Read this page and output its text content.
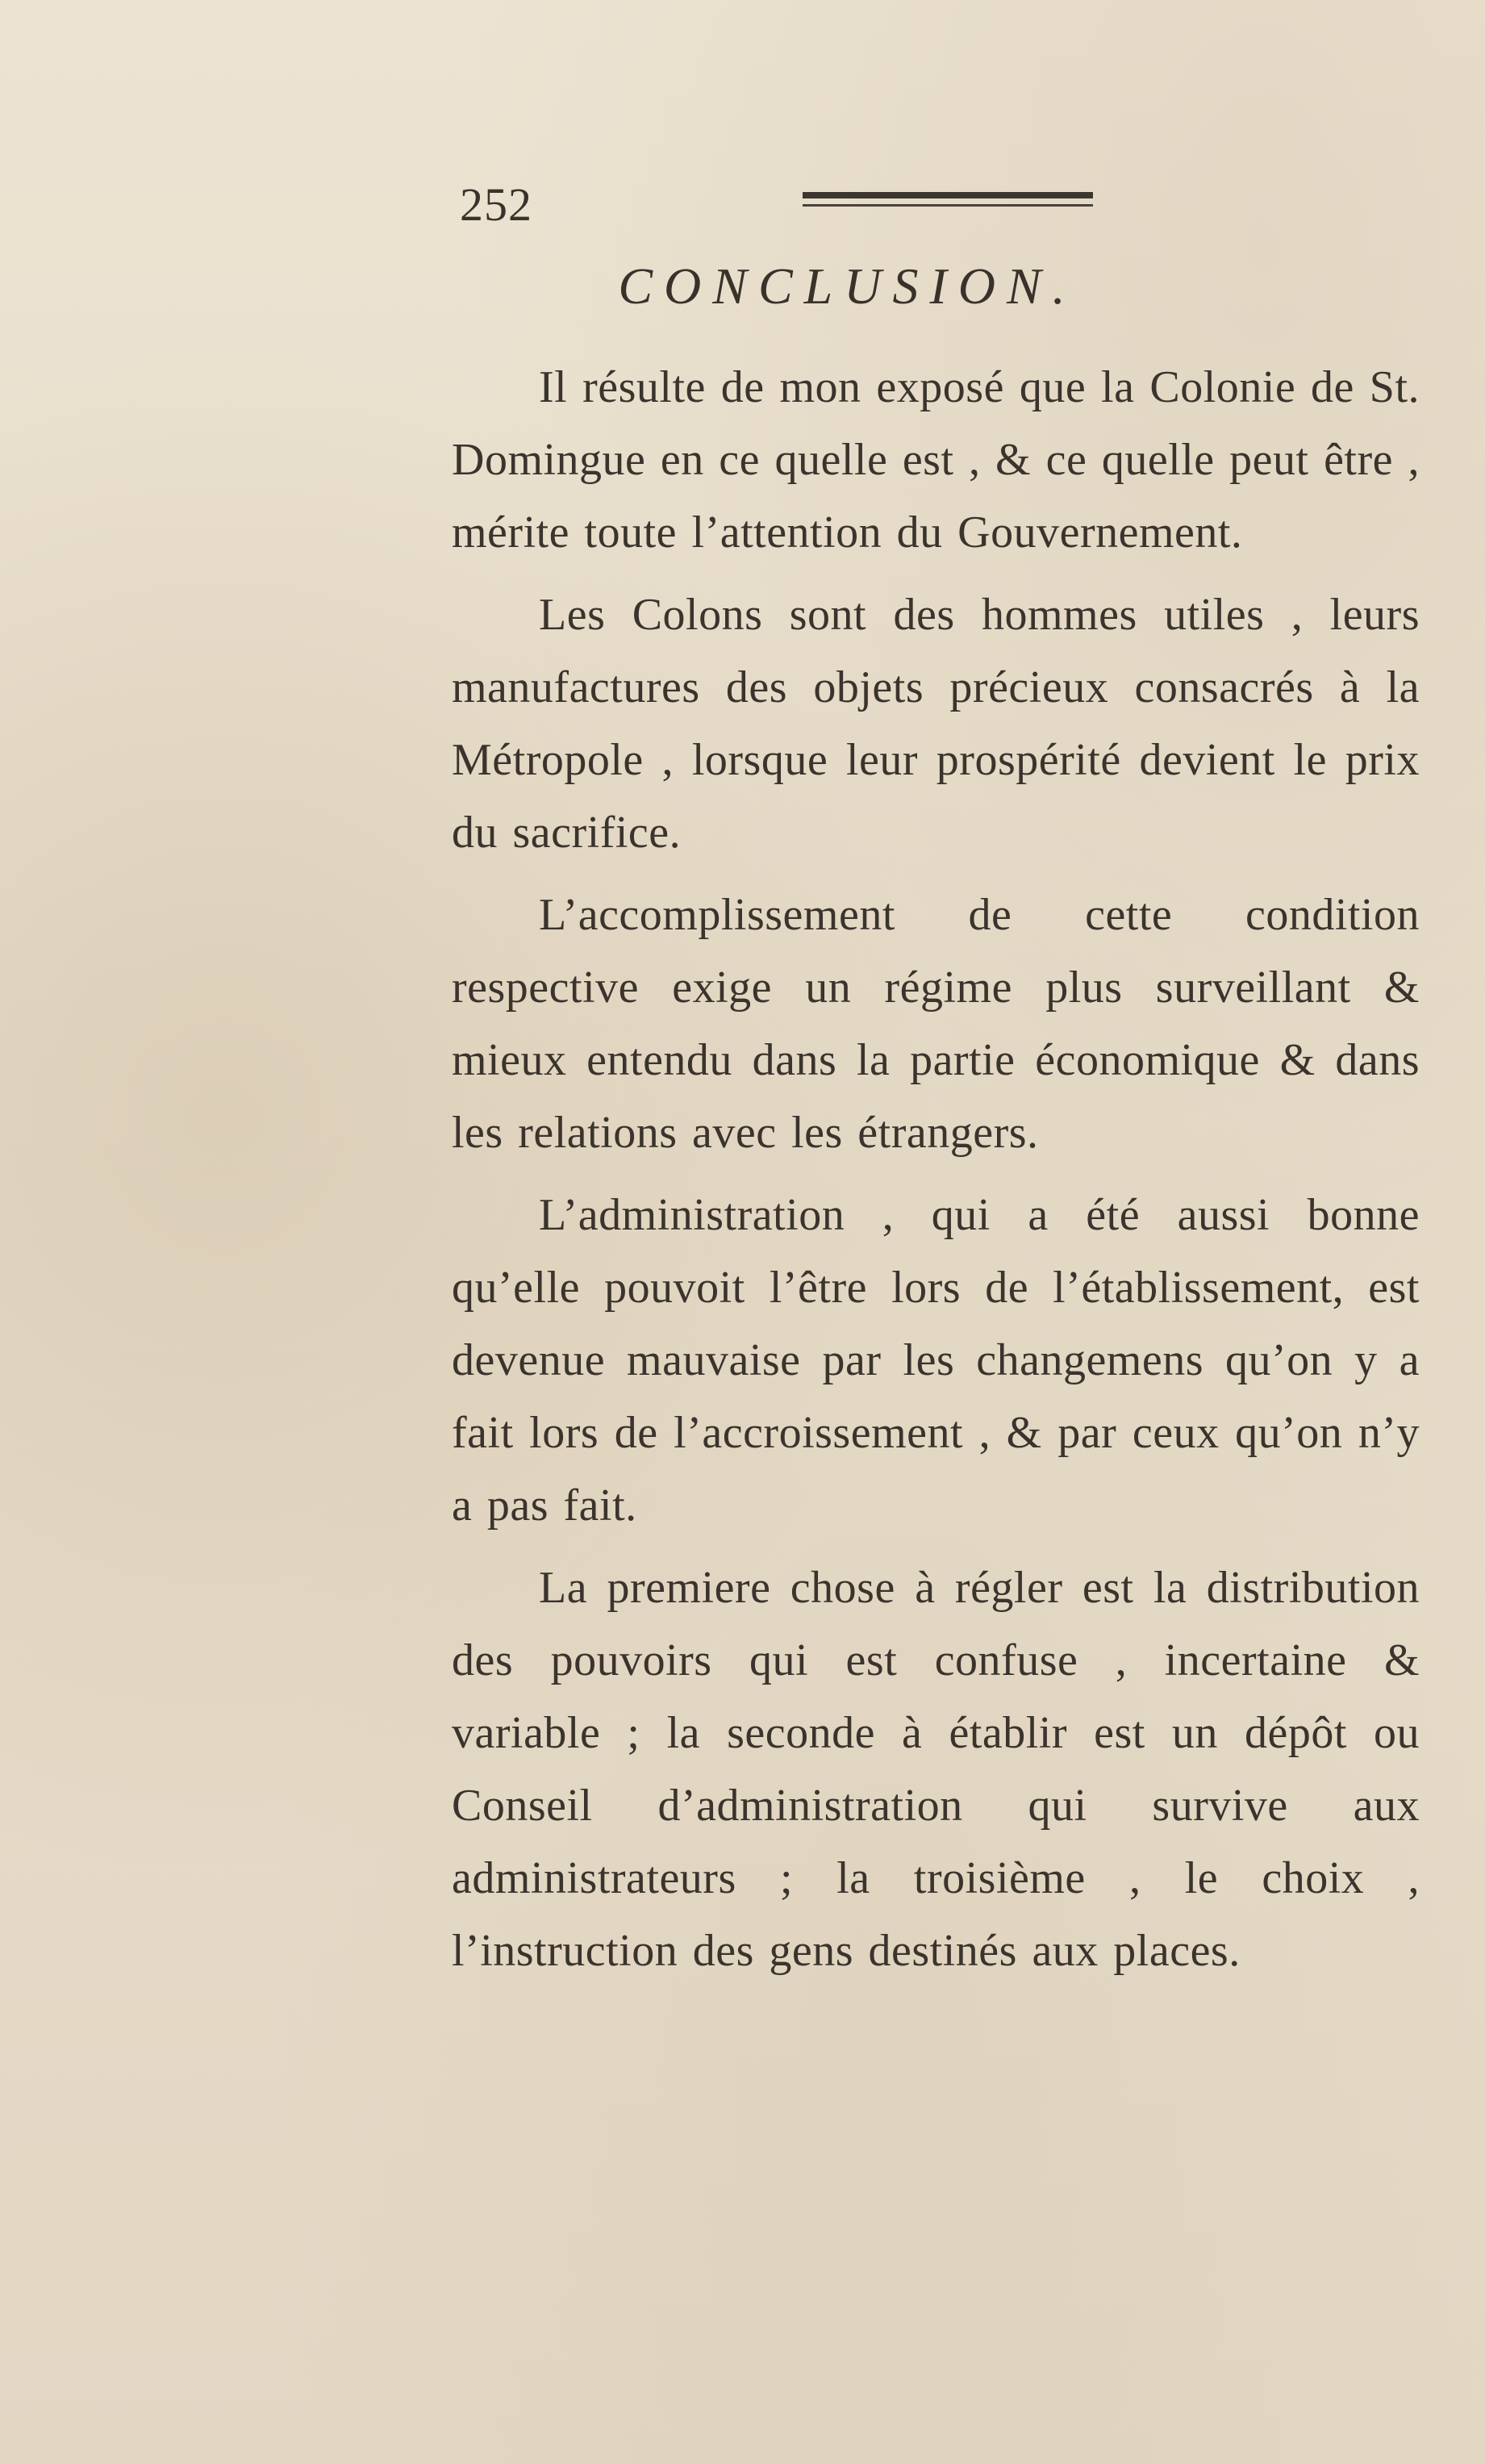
252
CONCLUSION.

Il résulte de mon exposé que la Colonie de St. Domingue en ce quelle est , & ce quelle peut être , mérite toute l’attention du Gouvernement.

Les Colons sont des hommes utiles , leurs manufactures des objets précieux consacrés à la Métropole , lorsque leur prospérité devient le prix du sacrifice.

L’accomplissement de cette condition respective exige un régime plus surveillant & mieux entendu dans la partie économique & dans les relations avec les étrangers.

L’administration , qui a été aussi bonne qu’elle pouvoit l’être lors de l’établissement, est devenue mauvaise par les changemens qu’on y a fait lors de l’accroissement , & par ceux qu’on n’y a pas fait.

La premiere chose à régler est la distribution des pouvoirs qui est confuse , incertaine & variable ; la seconde à établir est un dépôt ou Conseil d’administration qui survive aux administrateurs ; la troisième , le choix , l’instruction des gens destinés aux places.
